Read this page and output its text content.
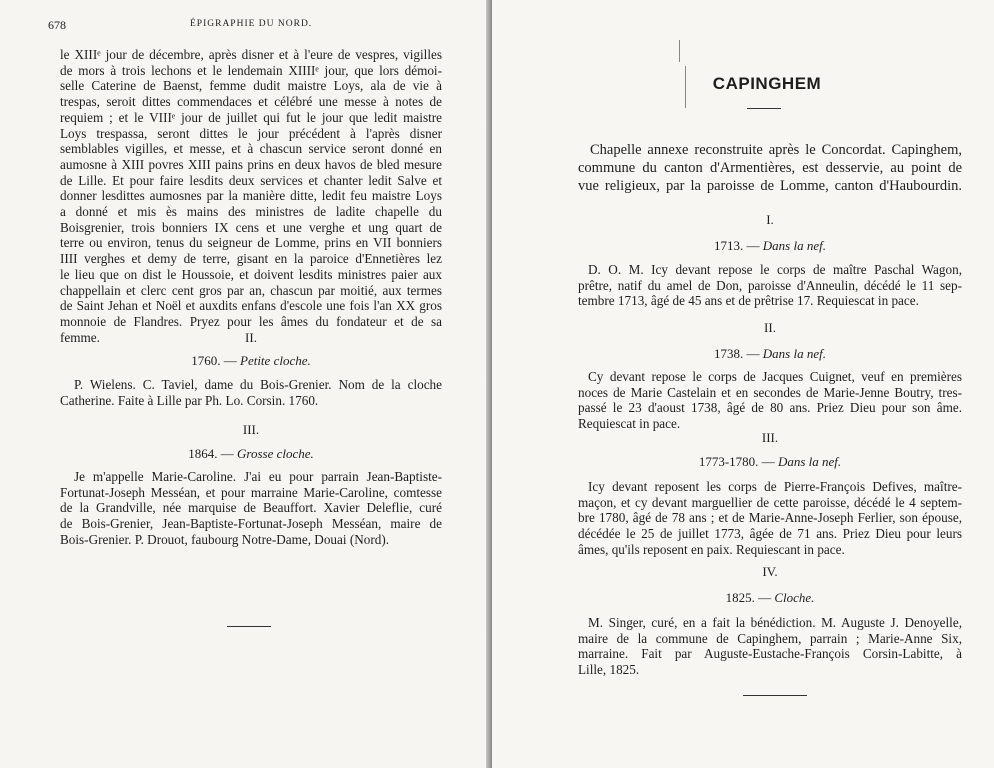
678	ÉPIGRAPHIE DU NORD.
le XIIIᵉ jour de décembre, après disner et à l'eure de vespres, vigilles
de mors à trois lechons et le lendemain XIIIIᵉ jour, que lors démoi-
selle Caterine de Baenst, femme dudit maistre Loys, ala de vie à
trespas, seroit dittes commendaces et célébré une messe à notes de
requiem ; et le VIIIᵉ jour de juillet qui fut le jour que ledit maistre
Loys trespassa, seront dittes le jour précédent à l'après disner
semblables vigilles, et messe, et à chascun service seront donné en
aumosne à XIII povres XIII pains prins en deux havos de bled mesure
de Lille. Et pour faire lesdits deux services et chanter ledit Salve et
donner lesdittes aumosnes par la manière ditte, ledit feu maistre Loys
a donné et mis ès mains des ministres de ladite chapelle du
Boisgrenier, trois bonniers IX cens et une verghe et ung quart de
terre ou environ, tenus du seigneur de Lomme, prins en VII bonniers
IIII verghes et demy de terre, gisant en la paroice d'Ennetières lez
le lieu que on dist le Houssoie, et doivent lesdits ministres paier aux
chappellain et clerc cent gros par an, chascun par moitié, aux termes
de Saint Jehan et Noël et auxdits enfans d'escole une fois l'an XX gros
monnoie de Flandres. Pryez pour les âmes du fondateur et de sa
femme.	II.
1760. — Petite cloche.
P. Wielens. C. Taviel, dame du Bois-Grenier. Nom de la cloche
Catherine. Faite à Lille par Ph. Lo. Corsin. 1760.
III.
1864. — Grosse cloche.
Je m'appelle Marie-Caroline. J'ai eu pour parrain Jean-Baptiste-
Fortunat-Joseph Messéan, et pour marraine Marie-Caroline, comtesse
de la Grandville, née marquise de Beauffort. Xavier Deleflie, curé
de Bois-Grenier, Jean-Baptiste-Fortunat-Joseph Messéan, maire de
Bois-Grenier. P. Drouot, faubourg Notre-Dame, Douai (Nord).
CAPINGHEM
Chapelle annexe reconstruite après le Concordat. Capinghem,
commune du canton d'Armentières, est desservie, au point de
vue religieux, par la paroisse de Lomme, canton d'Haubourdin.
I.
1713. — Dans la nef.
D. O. M. Icy devant repose le corps de maître Paschal Wagon,
prêtre, natif du amel de Don, paroisse d'Anneulin, décédé le 11 sep-
tembre 1713, âgé de 45 ans et de prêtrise 17. Requiescat in pace.
II.
1738. — Dans la nef.
Cy devant repose le corps de Jacques Cuignet, veuf en premières
noces de Marie Castelain et en secondes de Marie-Jenne Boutry, tres-
passé le 23 d'aoust 1738, âgé de 80 ans. Priez Dieu pour son âme.
Requiescat in pace.
III.
1773-1780. — Dans la nef.
Icy devant reposent les corps de Pierre-François Defives, maître-
maçon, et cy devant marguellier de cette paroisse, décédé le 4 septem-
bre 1780, âgé de 78 ans ; et de Marie-Anne-Joseph Ferlier, son épouse,
décédée le 25 de juillet 1773, âgée de 71 ans. Priez Dieu pour leurs
âmes, qu'ils reposent en paix. Requiescant in pace.
IV.
1825. — Cloche.
M. Singer, curé, en a fait la bénédiction. M. Auguste J. Denoyelle,
maire de la commune de Capinghem, parrain ; Marie-Anne Six,
marraine. Fait par Auguste-Eustache-François Corsin-Labitte, à
Lille, 1825.
